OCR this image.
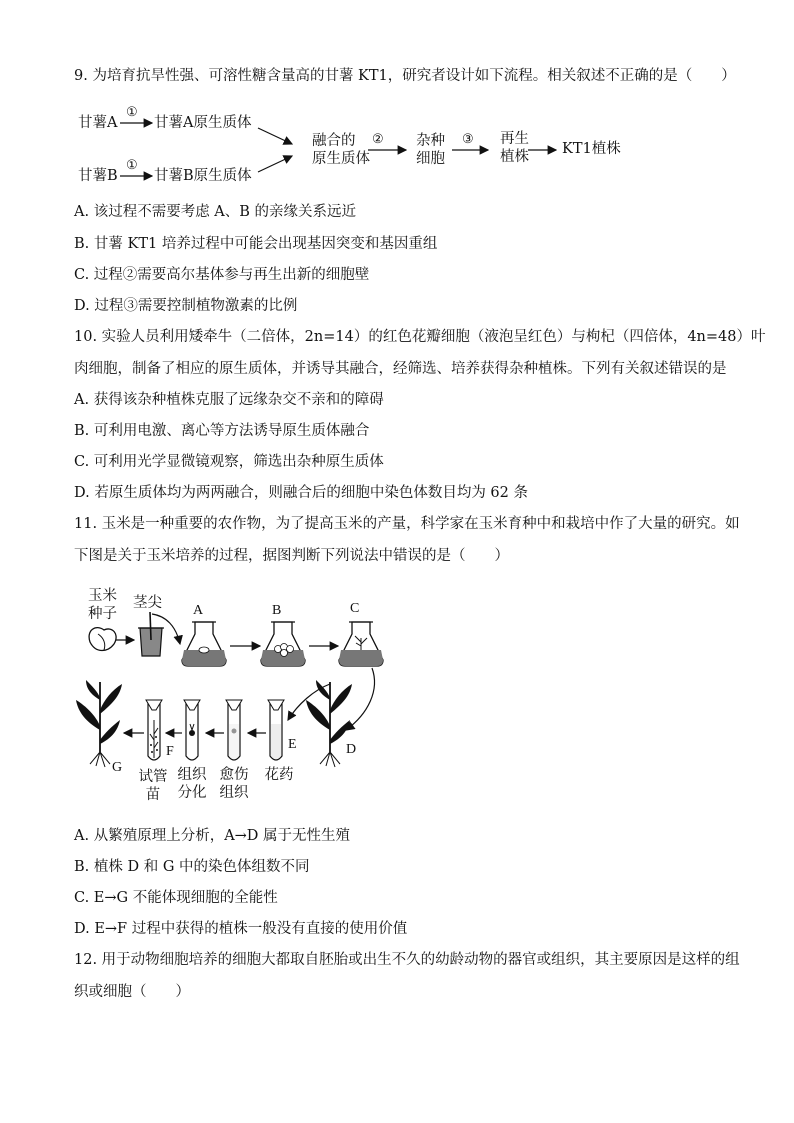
9. 为培育抗旱性强、可溶性糖含量高的甘薯 KT1，研究者设计如下流程。相关叙述不正确的是（　　）
甘薯A
①
甘薯A原生质体
甘薯B
①
甘薯B原生质体
融合的
原生质体
② 杂种
细胞
③ 再生
植株 KT1植株
A. 该过程不需要考虑 A、B 的亲缘关系远近
B. 甘薯 KT1 培养过程中可能会出现基因突变和基因重组
C. 过程②需要高尔基体参与再生出新的细胞壁
D. 过程③需要控制植物激素的比例
10. 实验人员利用矮牵牛（二倍体，2n=14）的红色花瓣细胞（液泡呈红色）与枸杞（四倍体，4n=48）叶
肉细胞，制备了相应的原生质体，并诱导其融合，经筛选、培养获得杂种植株。下列有关叙述错误的是
A. 获得该杂种植株克服了远缘杂交不亲和的障碍
B. 可利用电激、离心等方法诱导原生质体融合
C. 可利用光学显微镜观察，筛选出杂种原生质体
D. 若原生质体均为两两融合，则融合后的细胞中染色体数目均为 62 条
11. 玉米是一种重要的农作物，为了提高玉米的产量，科学家在玉米育种中和栽培中作了大量的研究。如
下图是关于玉米培养的过程，据图判断下列说法中错误的是（　　）
玉米
种子
茎尖 A	B	C
D
E
F
G
试管苗
组织分化
愈伤组织
花药
A. 从繁殖原理上分析，A→D 属于无性生殖
B. 植株 D 和 G 中的染色体组数不同
C. E→G 不能体现细胞的全能性
D. E→F 过程中获得的植株一般没有直接的使用价值
12. 用于动物细胞培养的细胞大都取自胚胎或出生不久的幼龄动物的器官或组织，其主要原因是这样的组
织或细胞（　　）
